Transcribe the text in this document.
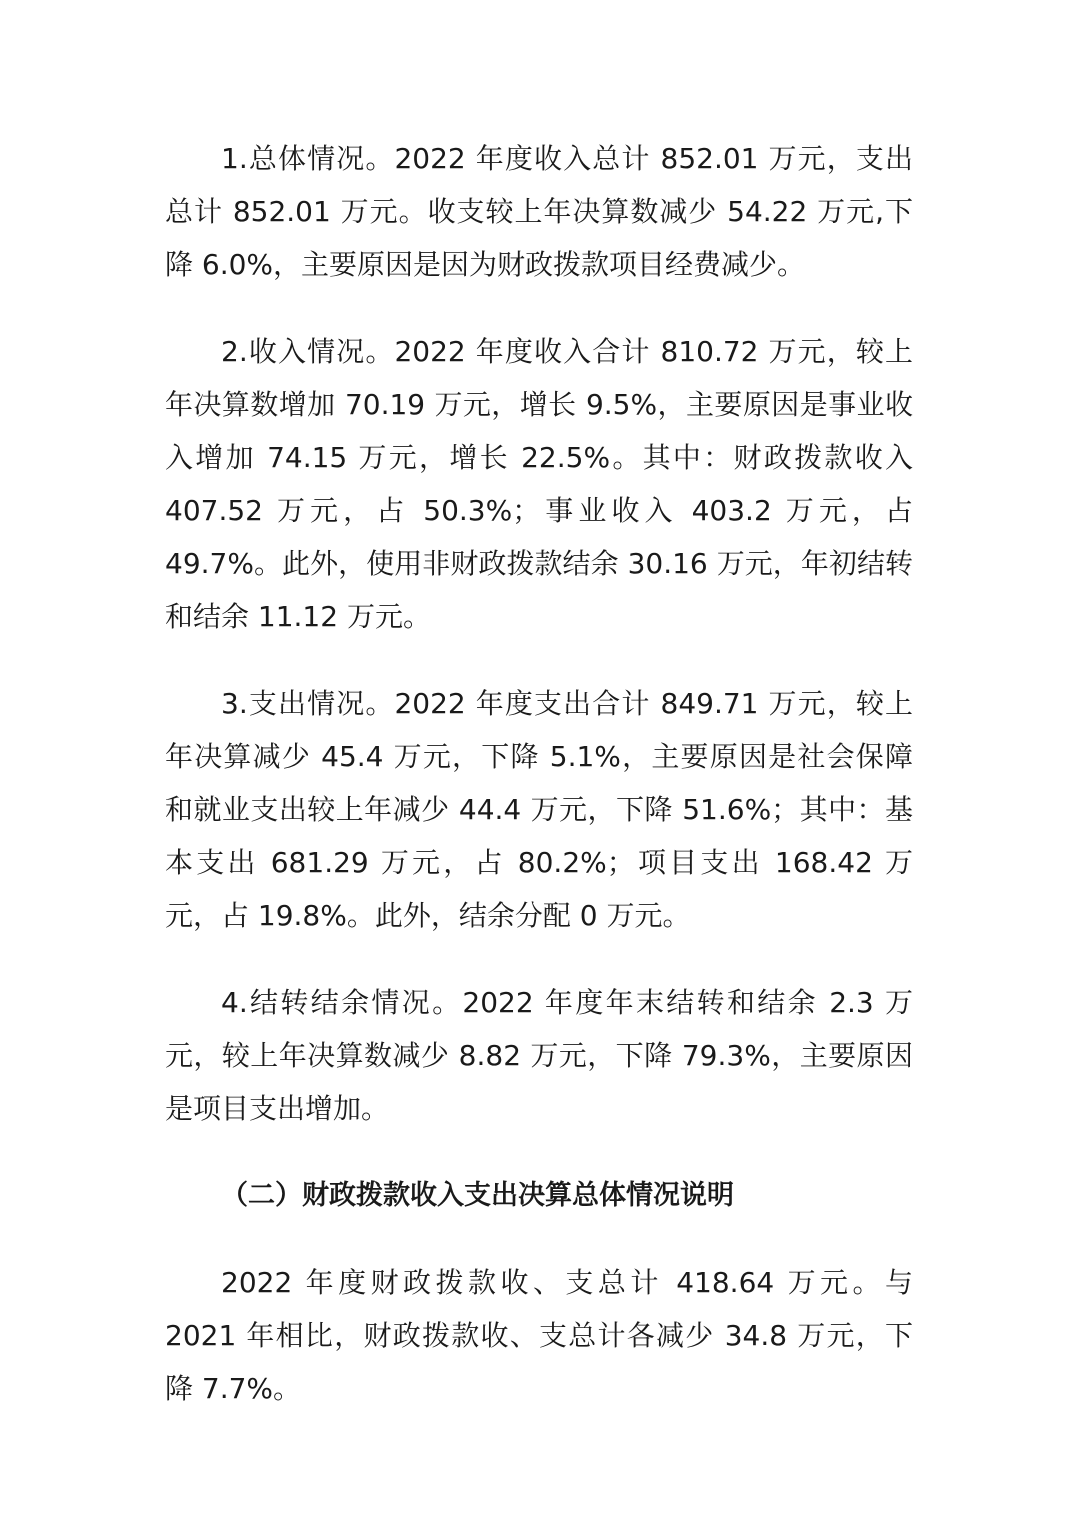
1.总体情况。2022 年度收入总计 852.01 万元，支出总计 852.01 万元。收支较上年决算数减少 54.22 万元,下降 6.0%，主要原因是因为财政拨款项目经费减少。

2.收入情况。2022 年度收入合计 810.72 万元，较上年决算数增加 70.19 万元，增长 9.5%，主要原因是事业收入增加 74.15 万元，增长 22.5%。其中：财政拨款收入 407.52 万元，占 50.3%；事业收入 403.2 万元，占 49.7%。此外，使用非财政拨款结余 30.16 万元，年初结转和结余 11.12 万元。

3.支出情况。2022 年度支出合计 849.71 万元，较上年决算减少 45.4 万元，下降 5.1%，主要原因是社会保障和就业支出较上年减少 44.4 万元，下降 51.6%；其中：基本支出 681.29 万元，占 80.2%；项目支出 168.42 万元，占 19.8%。此外，结余分配 0 万元。

4.结转结余情况。2022 年度年末结转和结余 2.3 万元，较上年决算数减少 8.82 万元，下降 79.3%，主要原因是项目支出增加。

（二）财政拨款收入支出决算总体情况说明

2022 年度财政拨款收、支总计 418.64 万元。与 2021 年相比，财政拨款收、支总计各减少 34.8 万元，下降 7.7%。
